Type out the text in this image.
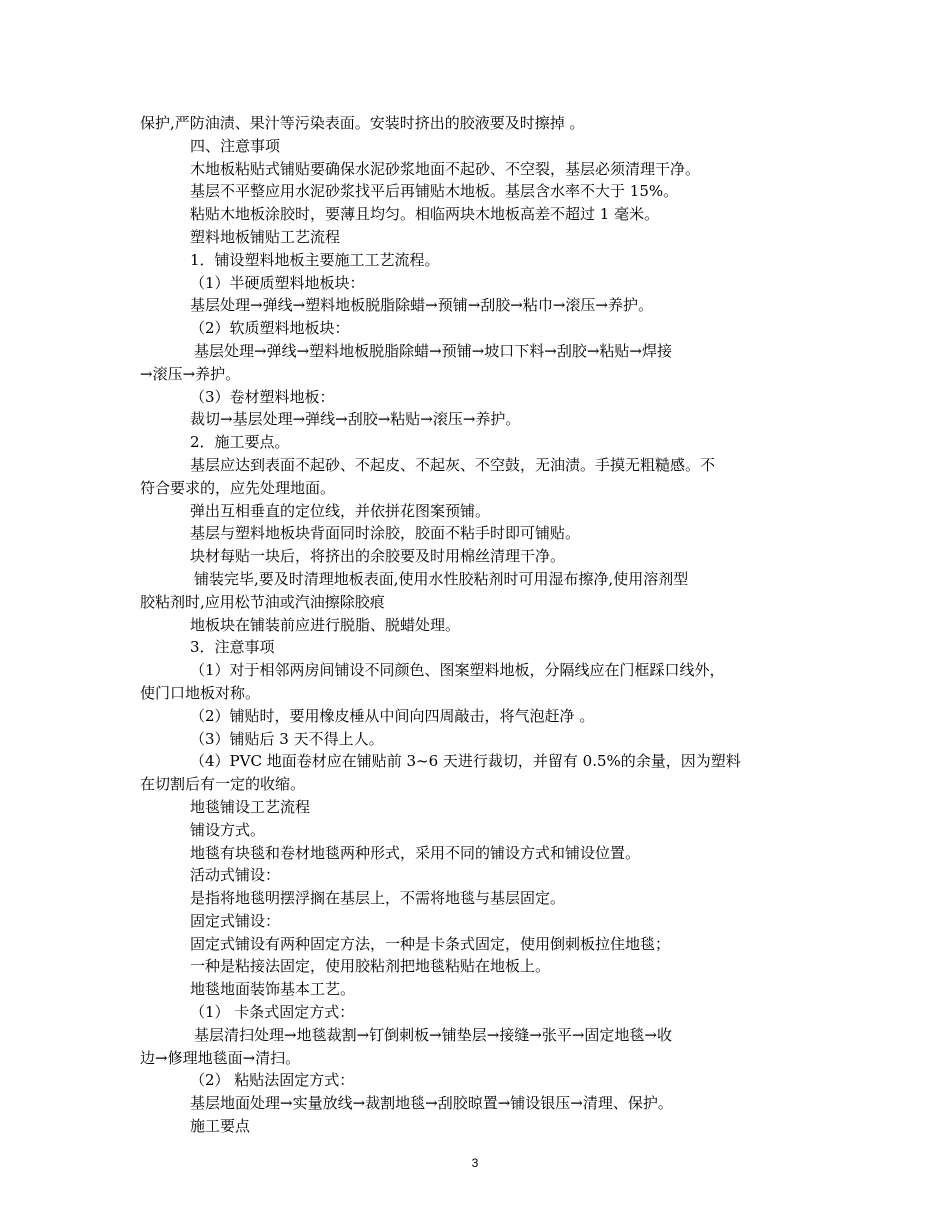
保护,严防油渍、果汁等污染表面。安装时挤出的胶液要及时擦掉 。
四、注意事项
木地板粘贴式铺贴要确保水泥砂浆地面不起砂、不空裂，基层必须清理干净。
基层不平整应用水泥砂浆找平后再铺贴木地板。基层含水率不大于 15%。
粘贴木地板涂胶时，要薄且均匀。相临两块木地板高差不超过 1 毫米。
塑料地板铺贴工艺流程
1．铺设塑料地板主要施工工艺流程。
（1）半硬质塑料地板块：
基层处理→弹线→塑料地板脱脂除蜡→预铺→刮胶→粘巾→滚压→养护。
（2）软质塑料地板块：
基层处理→弹线→塑料地板脱脂除蜡→预铺→坡口下料→刮胶→粘贴→焊接
→滚压→养护。
（3）卷材塑料地板：
裁切→基层处理→弹线→刮胶→粘贴→滚压→养护。
2．施工要点。
基层应达到表面不起砂、不起皮、不起灰、不空鼓，无油渍。手摸无粗糙感。不
符合要求的，应先处理地面。
弹出互相垂直的定位线，并依拼花图案预铺。
基层与塑料地板块背面同时涂胶，胶面不粘手时即可铺贴。
块材每贴一块后，将挤出的余胶要及时用棉丝清理干净。
铺装完毕,要及时清理地板表面,使用水性胶粘剂时可用湿布擦净,使用溶剂型
胶粘剂时,应用松节油或汽油擦除胶痕
地板块在铺装前应进行脱脂、脱蜡处理。
3．注意事项
（1）对于相邻两房间铺设不同颜色、图案塑料地板，分隔线应在门框踩口线外，
使门口地板对称。
（2）铺贴时，要用橡皮棰从中间向四周敲击，将气泡赶净 。
（3）铺贴后 3 天不得上人。
（4）PVC 地面卷材应在铺贴前 3~6 天进行裁切，并留有 0.5%的余量，因为塑料
在切割后有一定的收缩。
地毯铺设工艺流程
铺设方式。
地毯有块毯和卷材地毯两种形式，采用不同的铺设方式和铺设位置。
活动式铺设：
是指将地毯明摆浮搁在基层上，不需将地毯与基层固定。
固定式铺设：
固定式铺设有两种固定方法，一种是卡条式固定，使用倒刺板拉住地毯；
一种是粘接法固定，使用胶粘剂把地毯粘贴在地板上。
地毯地面装饰基本工艺。
（1） 卡条式固定方式：
基层清扫处理→地毯裁割→钉倒刺板→铺垫层→接缝→张平→固定地毯→收
边→修理地毯面→清扫。
（2） 粘贴法固定方式：
基层地面处理→实量放线→裁割地毯→刮胶晾置→铺设银压→清理、保护。
施工要点
3
